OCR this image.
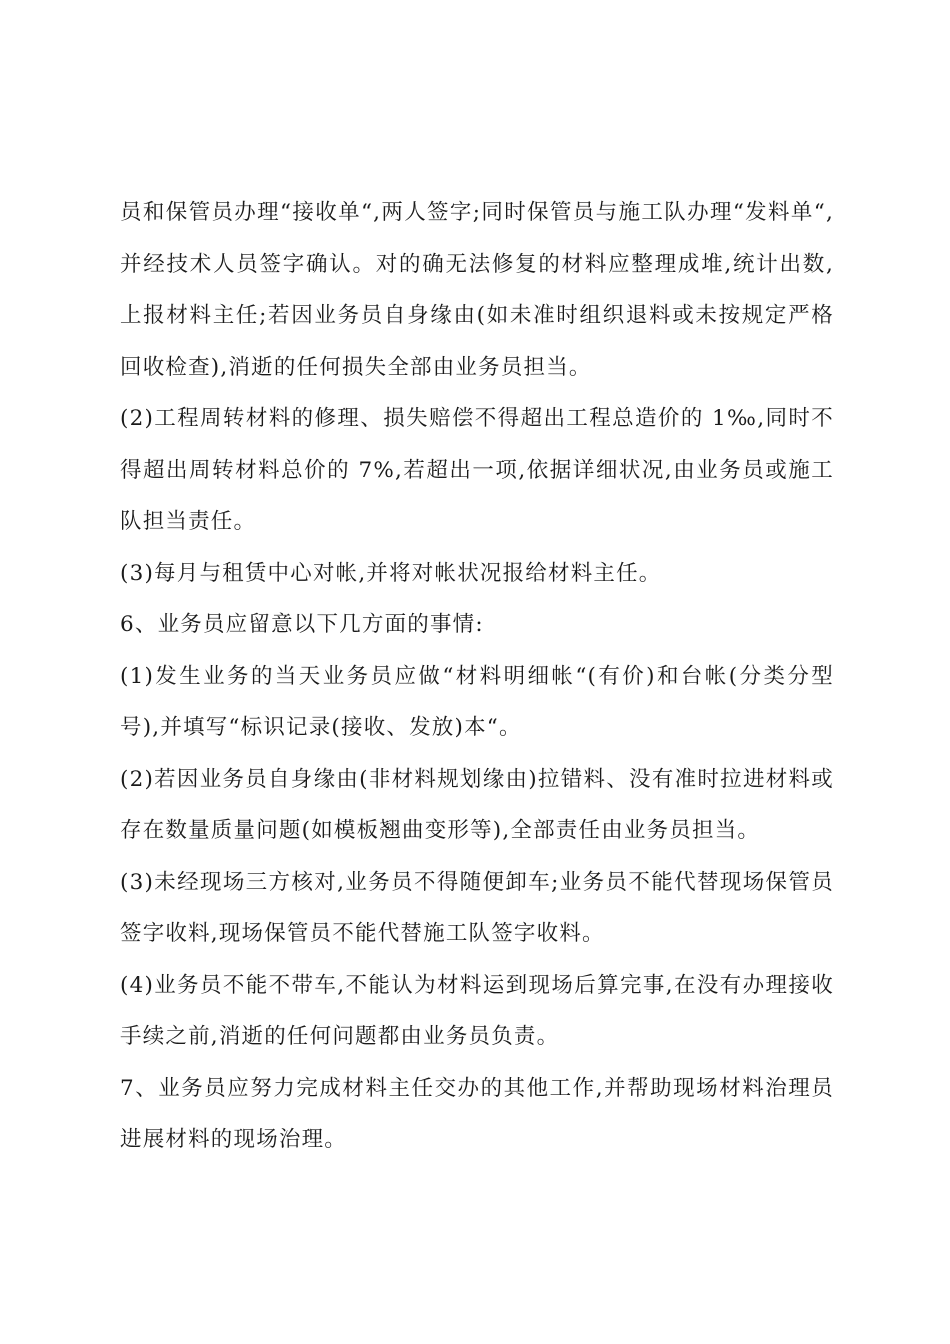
员和保管员办理“接收单“,两人签字;同时保管员与施工队办理“发料单“,并经技术人员签字确认。对的确无法修复的材料应整理成堆,统计出数,上报材料主任;若因业务员自身缘由(如未准时组织退料或未按规定严格回收检查),消逝的任何损失全部由业务员担当。

(2)工程周转材料的修理、损失赔偿不得超出工程总造价的 1‰,同时不得超出周转材料总价的 7%,若超出一项,依据详细状况,由业务员或施工队担当责任。

(3)每月与租赁中心对帐,并将对帐状况报给材料主任。

6、业务员应留意以下几方面的事情:

(1)发生业务的当天业务员应做“材料明细帐“(有价)和台帐(分类分型号),并填写“标识记录(接收、发放)本“。

(2)若因业务员自身缘由(非材料规划缘由)拉错料、没有准时拉进材料或存在数量质量问题(如模板翘曲变形等),全部责任由业务员担当。

(3)未经现场三方核对,业务员不得随便卸车;业务员不能代替现场保管员签字收料,现场保管员不能代替施工队签字收料。

(4)业务员不能不带车,不能认为材料运到现场后算完事,在没有办理接收手续之前,消逝的任何问题都由业务员负责。

7、业务员应努力完成材料主任交办的其他工作,并帮助现场材料治理员进展材料的现场治理。
